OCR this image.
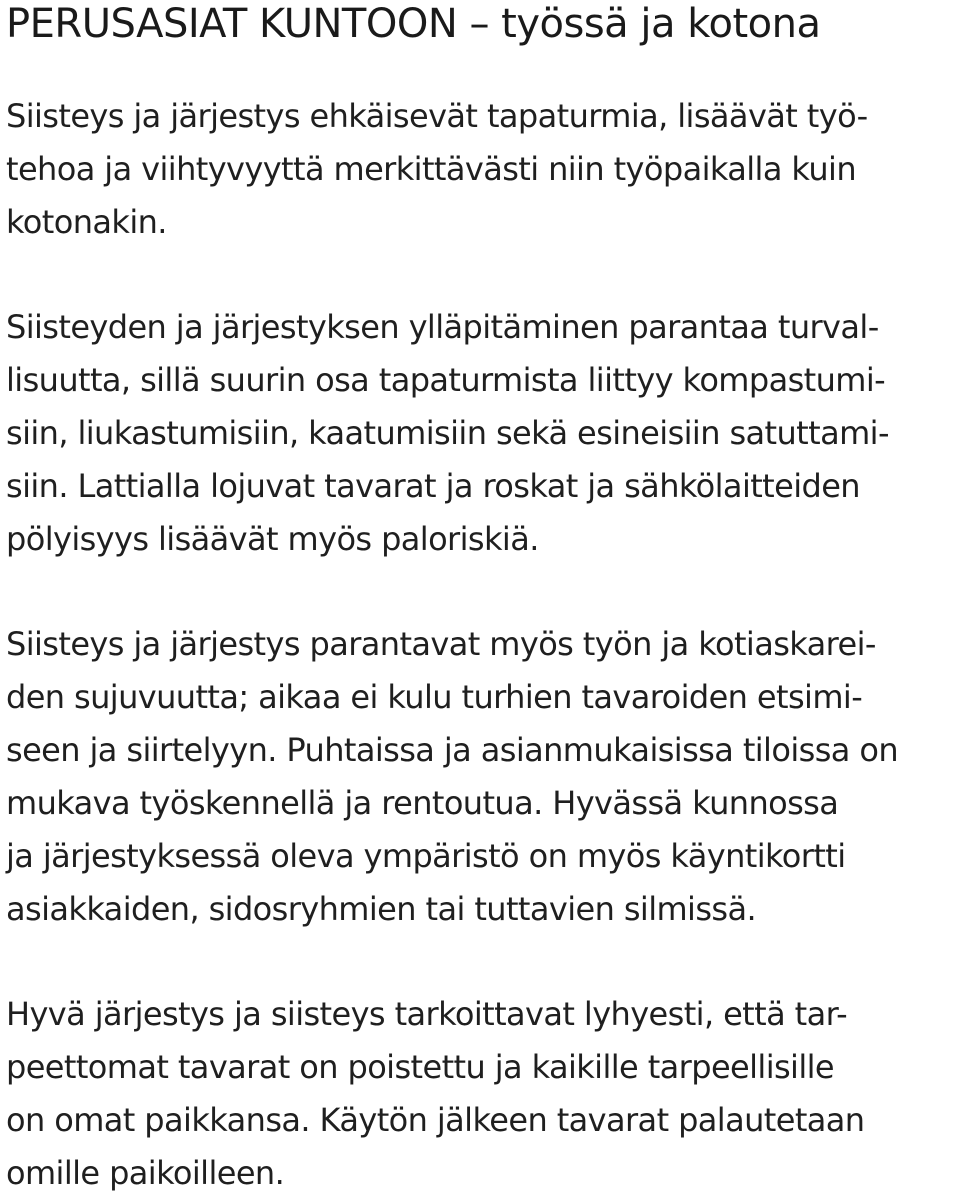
PERUSASIAT KUNTOON – työssä ja kotona

Siisteys ja järjestys ehkäisevät tapaturmia, lisäävät työ-
tehoa ja viihtyvyyttä merkittävästi niin työpaikalla kuin
kotonakin.

Siisteyden ja järjestyksen ylläpitäminen parantaa turval-
lisuutta, sillä suurin osa tapaturmista liittyy kompastumi-
siin, liukastumisiin, kaatumisiin sekä esineisiin satuttami-
siin. Lattialla lojuvat tavarat ja roskat ja sähkölaitteiden
pölyisyys lisäävät myös paloriskiä.

Siisteys ja järjestys parantavat myös työn ja kotiaskarei-
den sujuvuutta; aikaa ei kulu turhien tavaroiden etsimi-
seen ja siirtelyyn. Puhtaissa ja asianmukaisissa tiloissa on
mukava työskennellä ja rentoutua. Hyvässä kunnossa
ja järjestyksessä oleva ympäristö on myös käyntikortti
asiakkaiden, sidosryhmien tai tuttavien silmissä.

Hyvä järjestys ja siisteys tarkoittavat lyhyesti, että tar-
peettomat tavarat on poistettu ja kaikille tarpeellisille
on omat paikkansa. Käytön jälkeen tavarat palautetaan
omille paikoilleen.
